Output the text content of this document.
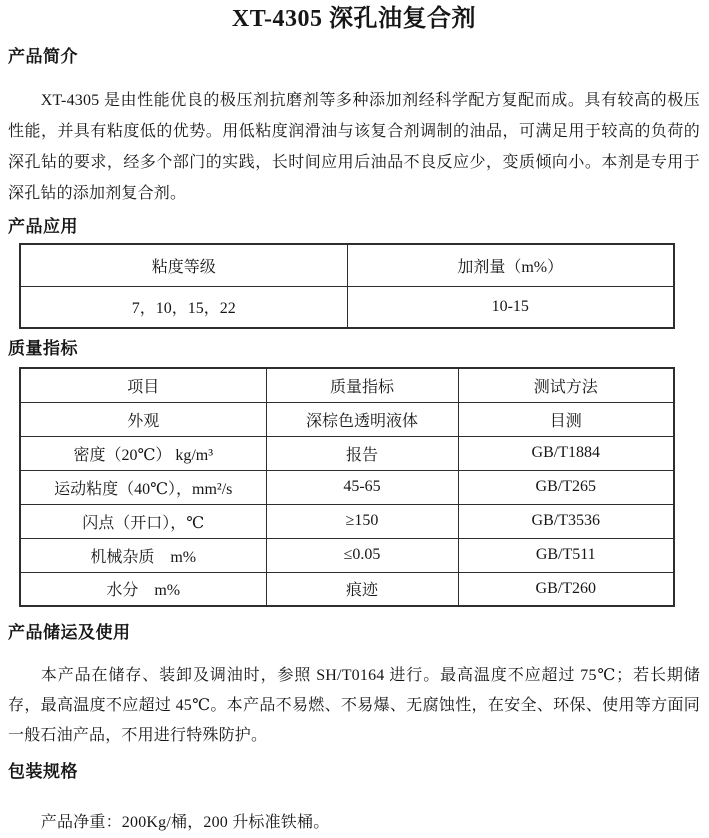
XT-4305 深孔油复合剂
产品简介

XT-4305 是由性能优良的极压剂抗磨剂等多种添加剂经科学配方复配而成。具有较高的极压性能，并具有粘度低的优势。用低粘度润滑油与该复合剂调制的油品，可满足用于较高的负荷的深孔钻的要求，经多个部门的实践，长时间应用后油品不良反应少，变质倾向小。本剂是专用于深孔钻的添加剂复合剂。

产品应用
粘度等级	加剂量（m%）
7，10，15，22	10-15
质量指标
项目	质量指标	测试方法
外观	深棕色透明液体	目测
密度（20℃） kg/m³	报告	GB/T1884
运动粘度（40℃），mm²/s	45-65	GB/T265
闪点（开口），℃	≥150	GB/T3536
机械杂质　m%	≤0.05	GB/T511
水分　m%	痕迹	GB/T260
产品储运及使用

本产品在储存、装卸及调油时，参照 SH/T0164 进行。最高温度不应超过 75℃；若长期储存，最高温度不应超过 45℃。本产品不易燃、不易爆、无腐蚀性，在安全、环保、使用等方面同一般石油产品，不用进行特殊防护。

包装规格

产品净重：200Kg/桶，200 升标准铁桶。
